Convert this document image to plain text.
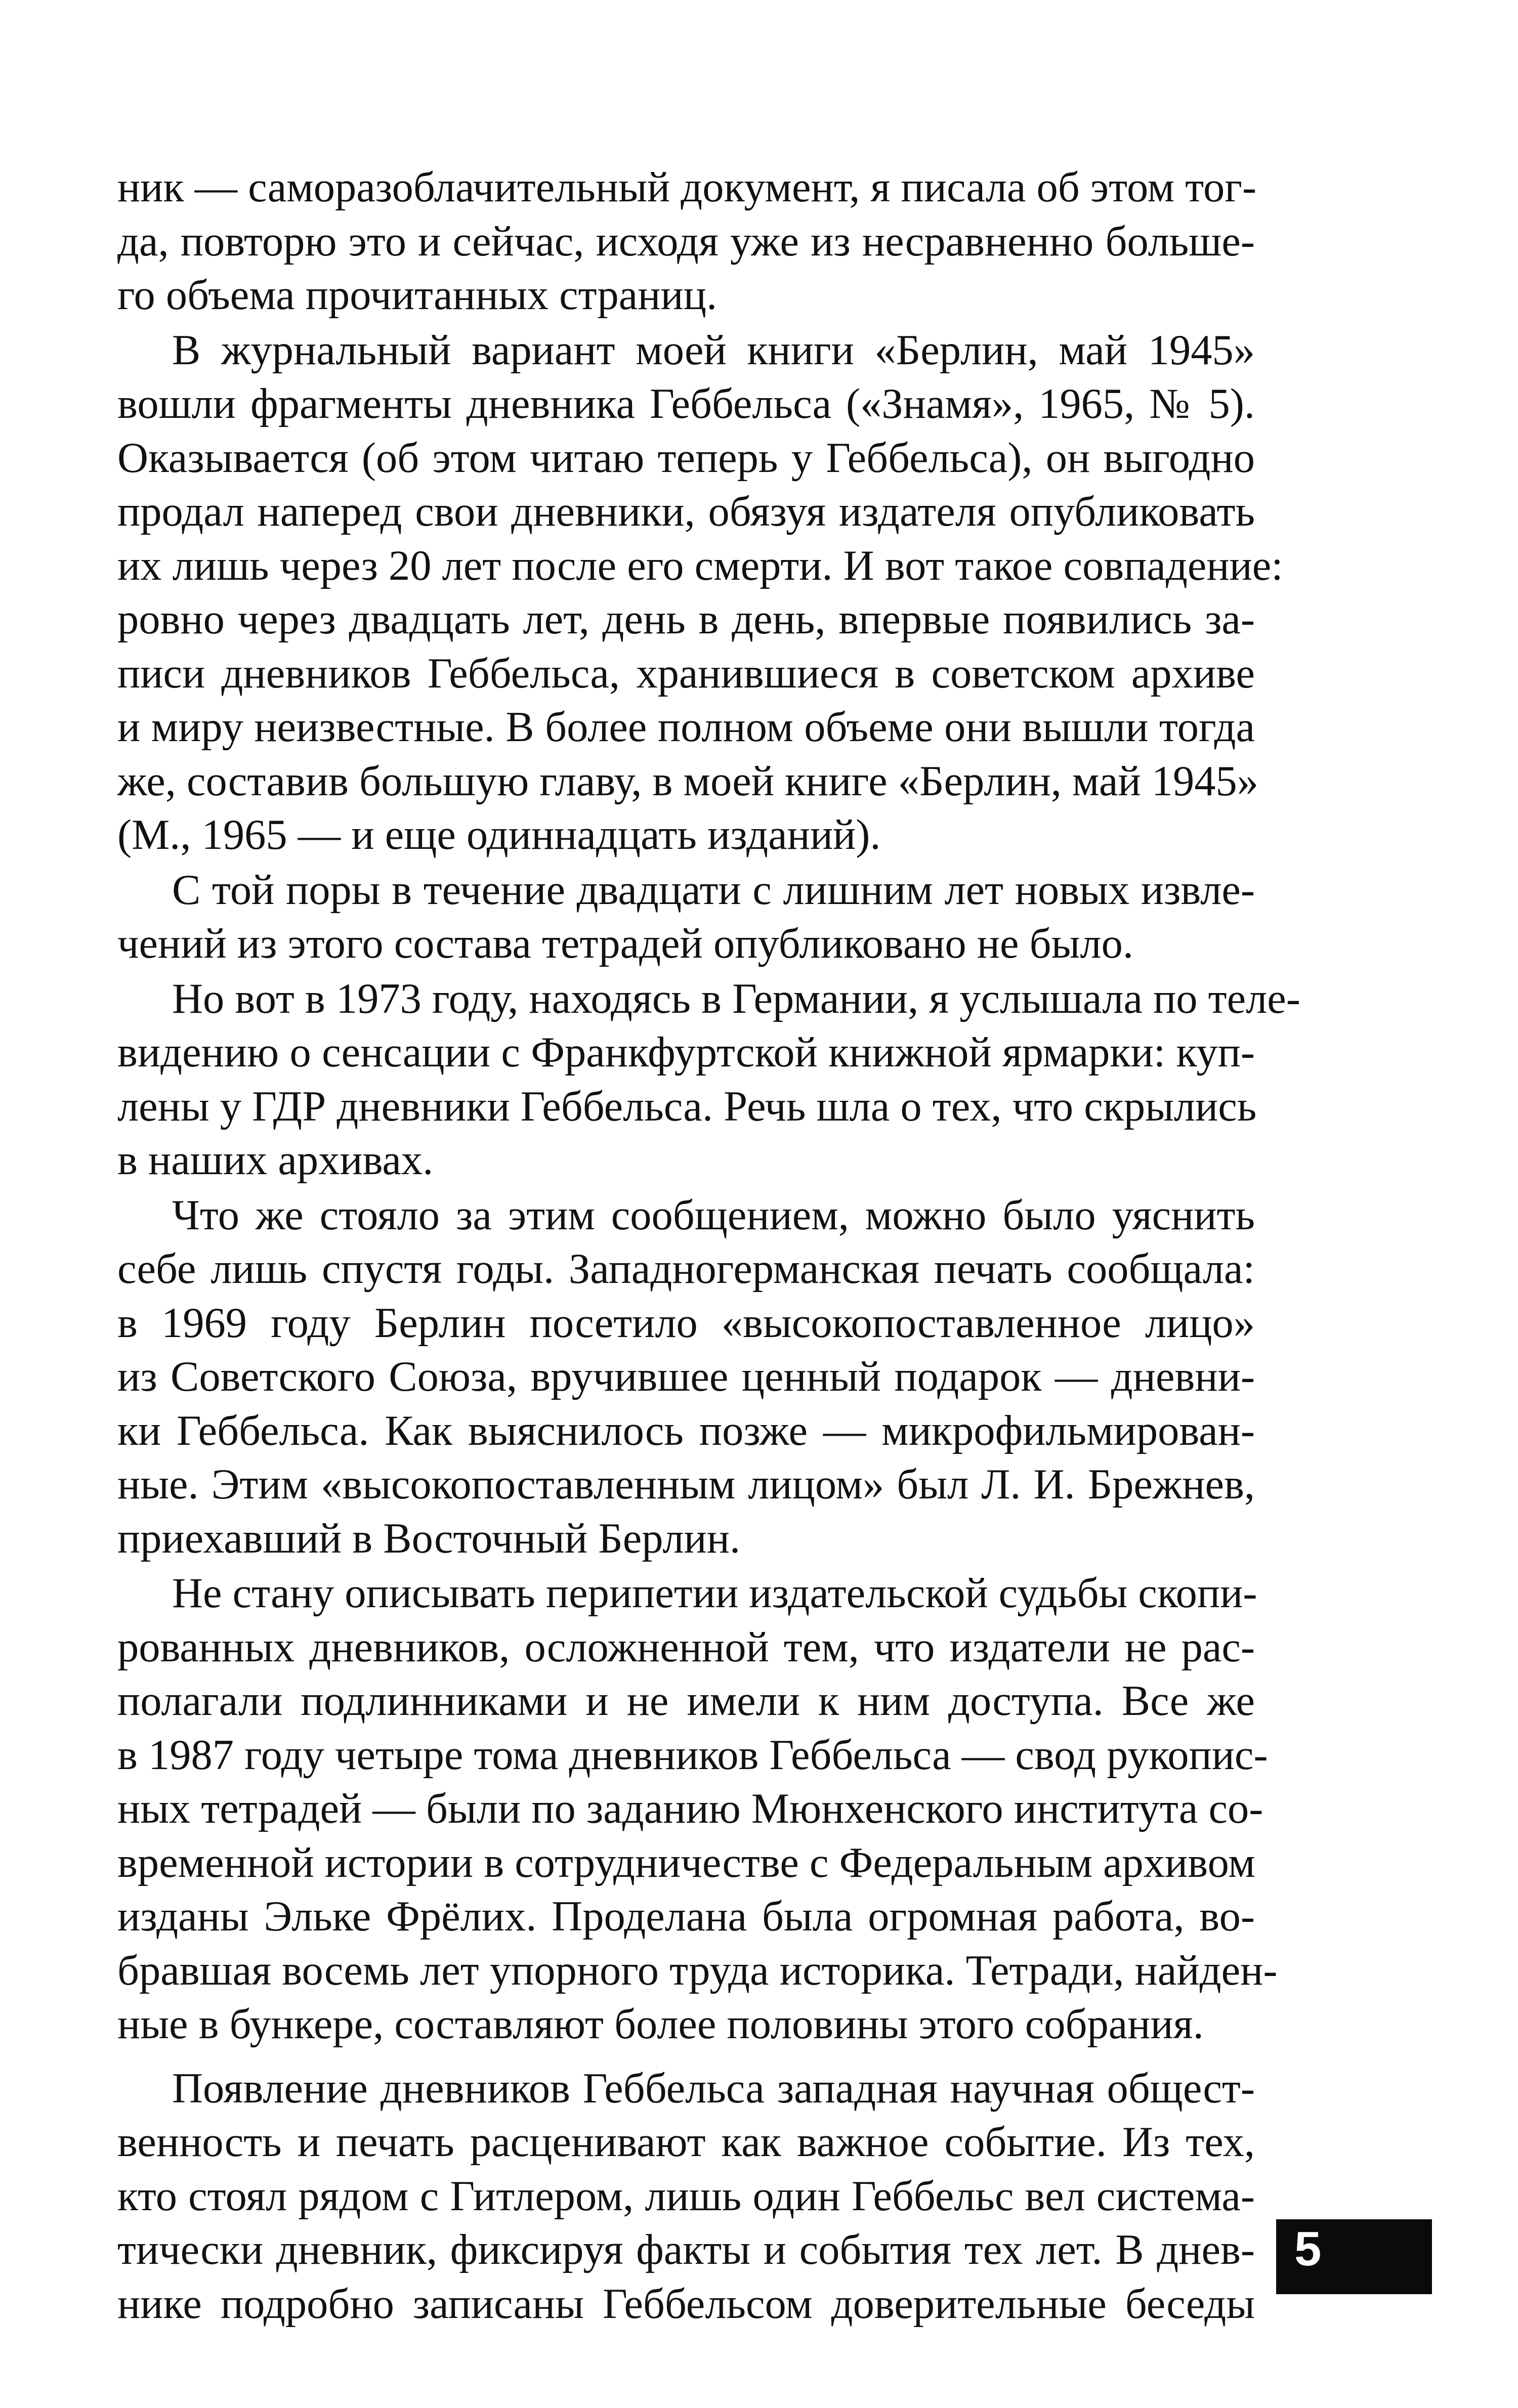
ник — саморазоблачительный документ, я писала об этом тог-
да, повторю это и сейчас, исходя уже из несравненно большe-
го объема прочитанных страниц.

В журнальный вариант моей книги «Берлин, май 1945»
вошли фрагменты дневника Геббельса («Знамя», 1965, № 5).
Оказывается (об этом читаю теперь у Геббельса), он выгодно
продал наперед свои дневники, обязуя издателя опубликовать
их лишь через 20 лет после его смерти. И вот такое совпадение:
ровно через двадцать лет, день в день, впервые появились за-
писи дневников Геббельса, хранившиеся в советском архиве
и миру неизвестные. В более полном объеме они вышли тогда
же, составив большую главу, в моей книге «Берлин, май 1945»
(М., 1965 — и еще одиннадцать изданий).

С той поры в течение двадцати с лишним лет новых извле-
чений из этого состава тетрадей опубликовано не было.

Но вот в 1973 году, находясь в Германии, я услышала по теле-
видению о сенсации с Франкфуртской книжной ярмарки: куп-
лены у ГДР дневники Геббельса. Речь шла о тех, что скрылись
в наших архивах.

Что же стояло за этим сообщением, можно было уяснить
себе лишь спустя годы. Западногерманская печать сообщала:
в 1969 году Берлин посетило «высокопоставленное лицо»
из Советского Союза, вручившее ценный подарок — дневни-
ки Геббельса. Как выяснилось позже — микрофильмирован-
ные. Этим «высокопоставленным лицом» был Л. И. Брежнев,
приехавший в Восточный Берлин.

Не стану описывать перипетии издательской судьбы скопи-
рованных дневников, осложненной тем, что издатели не рас-
полагали подлинниками и не имели к ним доступа. Все же
в 1987 году четыре тома дневников Геббельса — свод рукопис-
ных тетрадей — были по заданию Мюнхенского института со-
временной истории в сотрудничестве с Федеральным архивом
изданы Эльке Фрёлих. Проделана была огромная работа, во-
бравшая восемь лет упорного труда историка. Тетради, найден-
ные в бункере, составляют более половины этого собрания.

Появление дневников Геббельса западная научная общест-
венность и печать расценивают как важное событие. Из тех,
кто стоял рядом с Гитлером, лишь один Геббельс вел система-
тически дневник, фиксируя факты и события тех лет. В днев-
нике подробно записаны Геббельсом доверительные беседы

5
